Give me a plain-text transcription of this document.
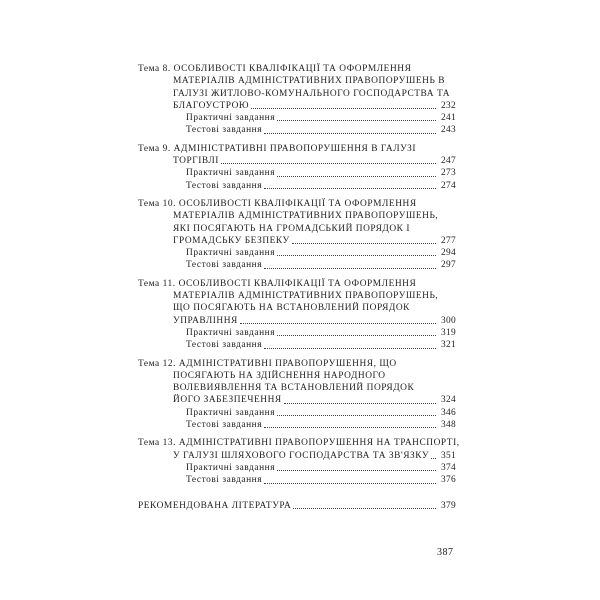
Тема 8. ОСОБЛИВОСТІ КВАЛІФІКАЦІЇ ТА ОФОРМЛЕННЯ
МАТЕРІАЛІВ АДМІНІСТРАТИВНИХ ПРАВОПОРУШЕНЬ В
ГАЛУЗІ ЖИТЛОВО-КОМУНАЛЬНОГО ГОСПОДАРСТВА ТА
БЛАГОУСТРОЮ	232
Практичні завдання	241
Тестові завдання	243
Тема 9. АДМІНІСТРАТИВНІ ПРАВОПОРУШЕННЯ В ГАЛУЗІ
ТОРГІВЛІ	247
Практичні завдання	273
Тестові завдання	274
Тема 10. ОСОБЛИВОСТІ КВАЛІФІКАЦІЇ ТА ОФОРМЛЕННЯ
МАТЕРІАЛІВ АДМІНІСТРАТИВНИХ ПРАВОПОРУШЕНЬ,
ЯКІ ПОСЯГАЮТЬ НА ГРОМАДСЬКИЙ ПОРЯДОК І
ГРОМАДСЬКУ БЕЗПЕКУ	277
Практичні завдання	294
Тестові завдання	297
Тема 11. ОСОБЛИВОСТІ КВАЛІФІКАЦІЇ ТА ОФОРМЛЕННЯ
МАТЕРІАЛІВ АДМІНІСТРАТИВНИХ ПРАВОПОРУШЕНЬ,
ЩО ПОСЯГАЮТЬ НА ВСТАНОВЛЕНИЙ ПОРЯДОК
УПРАВЛІННЯ	300
Практичні завдання	319
Тестові завдання	321
Тема 12. АДМІНІСТРАТИВНІ ПРАВОПОРУШЕННЯ, ЩО
ПОСЯГАЮТЬ НА ЗДІЙСНЕННЯ НАРОДНОГО
ВОЛЕВИЯВЛЕННЯ ТА ВСТАНОВЛЕНИЙ ПОРЯДОК
ЙОГО ЗАБЕЗПЕЧЕННЯ	324
Практичні завдання	346
Тестові завдання	348
Тема 13. АДМІНІСТРАТИВНІ ПРАВОПОРУШЕННЯ НА ТРАНСПОРТІ,
У ГАЛУЗІ ШЛЯХОВОГО ГОСПОДАРСТВА ТА ЗВ'ЯЗКУ	351
Практичні завдання	374
Тестові завдання	376
РЕКОМЕНДОВАНА ЛІТЕРАТУРА	379
387
